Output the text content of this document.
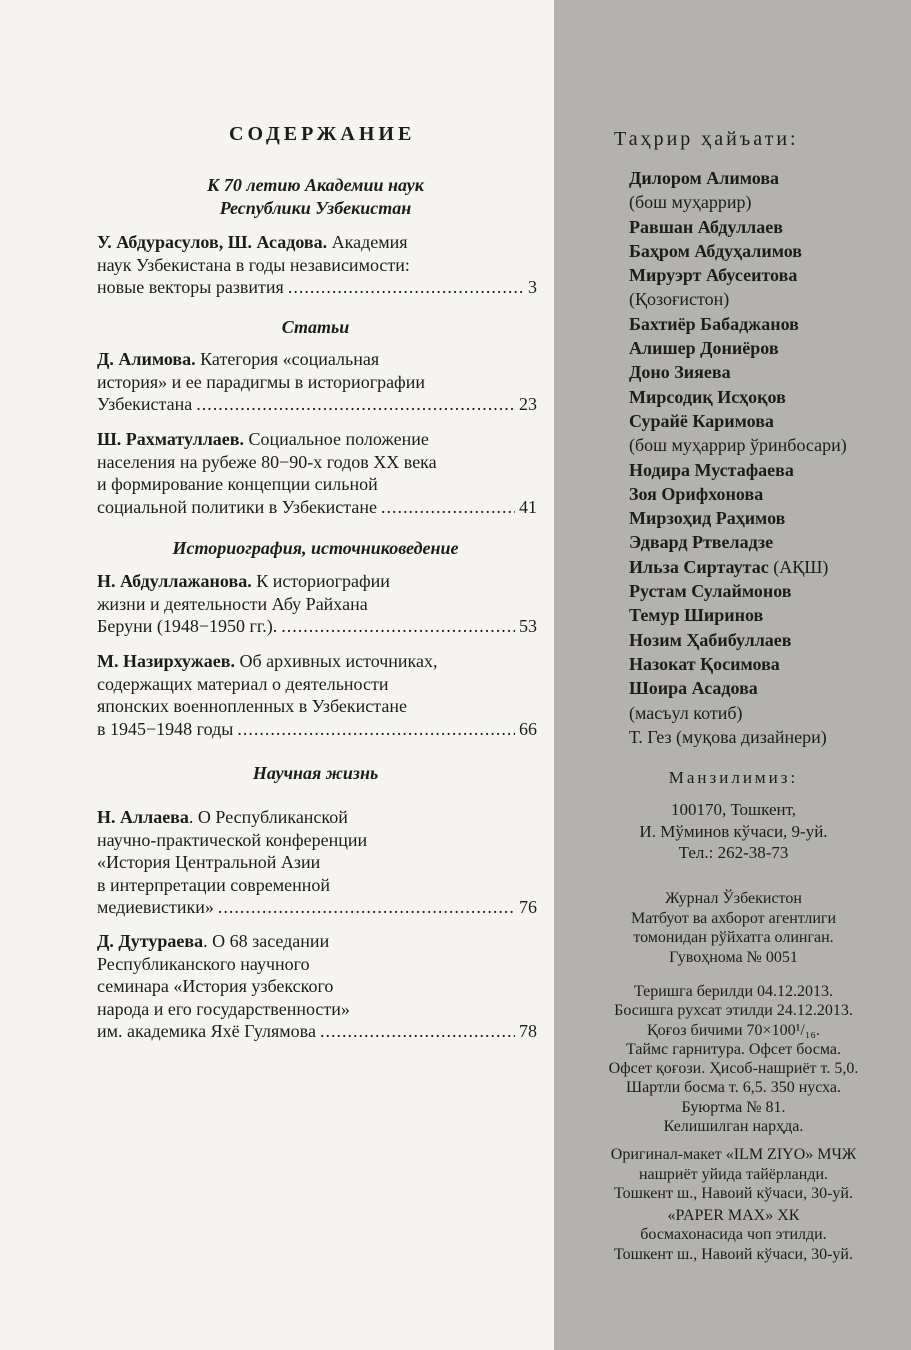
СОДЕРЖАНИЕ
К 70 летию Академии наук
Республики Узбекистан
У. Абдурасулов, Ш. Асадова. Академия
наук Узбекистана в годы независимости:
новые векторы развития .....	3
Статьи
Д. Алимова. Категория «социальная
история» и ее парадигмы в историографии
Узбекистана .....	23
Ш. Рахматуллаев. Социальное положение
населения на рубеже 80−90-х годов XX века
и формирование концепции сильной
социальной политики в Узбекистане .....	41
Историография, источниковедение
Н. Абдуллажанова. К историографии
жизни и деятельности Абу Райхана
Беруни (1948−1950 гг.). .....	53
М. Назирхужаев. Об архивных источниках,
содержащих материал о деятельности
японских военнопленных в Узбекистане
в 1945−1948 годы .....	66
Научная жизнь
Н. Аллаева. О Республиканской
научно-практической конференции
«История Центральной Азии
в интерпретации современной
медиевистики» .....	76
Д. Дутураева. О 68 заседании
Республиканского научного
семинара «История узбекского
народа и его государственности»
им. академика Яхё Гулямова .....	78
Таҳрир ҳайъати:
Дилором Алимова
(бош муҳаррир)
Равшан Абдуллаев
Баҳром Абдуҳалимов
Мируэрт Абусеитова
(Қозоғистон)
Бахтиёр Бабаджанов
Алишер Дониёров
Доно Зияева
Мирсодиқ Исҳоқов
Сурайё Каримова
(бош муҳаррир ўринбосари)
Нодира Мустафаева
Зоя Орифхонова
Мирзоҳид Раҳимов
Эдвард Ртвеладзе
Ильза Сиртаутас (АҚШ)
Рустам Сулаймонов
Темур Ширинов
Нозим Ҳабибуллаев
Назокат Қосимова
Шоира Асадова
(масъул котиб)
Т. Гез (муқова дизайнери)
Манзилимиз:
100170, Тошкент,
И. Мўминов кўчаси, 9-уй.
Тел.: 262-38-73
Журнал Ўзбекистон
Матбуот ва ахборот агентлиги
томонидан рўйхатга олинган.
Гувоҳнома № 0051
Теришга берилди 04.12.2013.
Босишга рухсат этилди 24.12.2013.
Қоғоз бичими 70×100¹/₁₆.
Таймс гарнитура. Офсет босма.
Офсет қоғози. Ҳисоб-нашриёт т. 5,0.
Шартли босма т. 6,5. 350 нусха.
Буюртма № 81.
Келишилган нарҳда.
Оригинал-макет «ILM ZIYO» МЧЖ
нашриёт уйида тайёрланди.
Тошкент ш., Навоий кўчаси, 30-уй.
«PAPER MAX» ХК
босмахонасида чоп этилди.
Тошкент ш., Навоий кўчаси, 30-уй.
